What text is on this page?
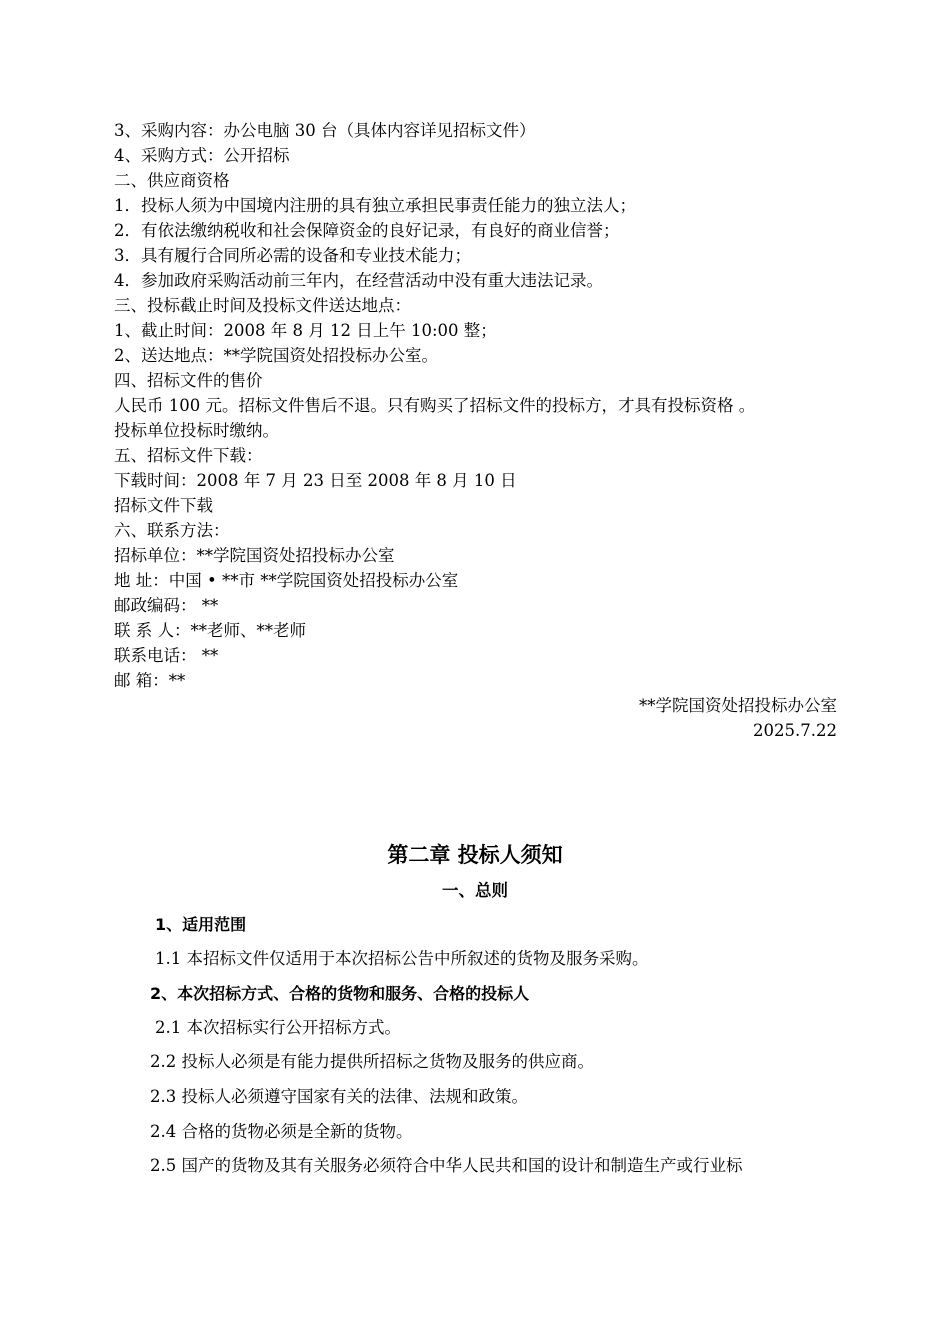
3、采购内容：办公电脑 30 台（具体内容详见招标文件）
4、采购方式：公开招标
二、供应商资格
1．投标人须为中国境内注册的具有独立承担民事责任能力的独立法人；
2．有依法缴纳税收和社会保障资金的良好记录，有良好的商业信誉；
3．具有履行合同所必需的设备和专业技术能力；
4．参加政府采购活动前三年内，在经营活动中没有重大违法记录。
三、投标截止时间及投标文件送达地点：
1、截止时间：2008 年 8 月 12 日上午 10:00 整；
2、送达地点：**学院国资处招投标办公室。
四、招标文件的售价
人民币 100 元。招标文件售后不退。只有购买了招标文件的投标方，才具有投标资格 。
投标单位投标时缴纳。
五、招标文件下载：
下载时间：2008 年 7 月 23 日至 2008 年 8 月 10 日
招标文件下载
六、联系方法：
招标单位：**学院国资处招投标办公室
地 址：中国 • **市 **学院国资处招投标办公室
邮政编码： **
联 系 人：**老师、**老师
联系电话： **
邮 箱：**
**学院国资处招投标办公室
2025.7.22
第二章 投标人须知
一、总则
1、适用范围
1.1 本招标文件仅适用于本次招标公告中所叙述的货物及服务采购。
2、本次招标方式、合格的货物和服务、合格的投标人
2.1 本次招标实行公开招标方式。
2.2 投标人必须是有能力提供所招标之货物及服务的供应商。
2.3 投标人必须遵守国家有关的法律、法规和政策。
2.4 合格的货物必须是全新的货物。
2.5 国产的货物及其有关服务必须符合中华人民共和国的设计和制造生产或行业标
